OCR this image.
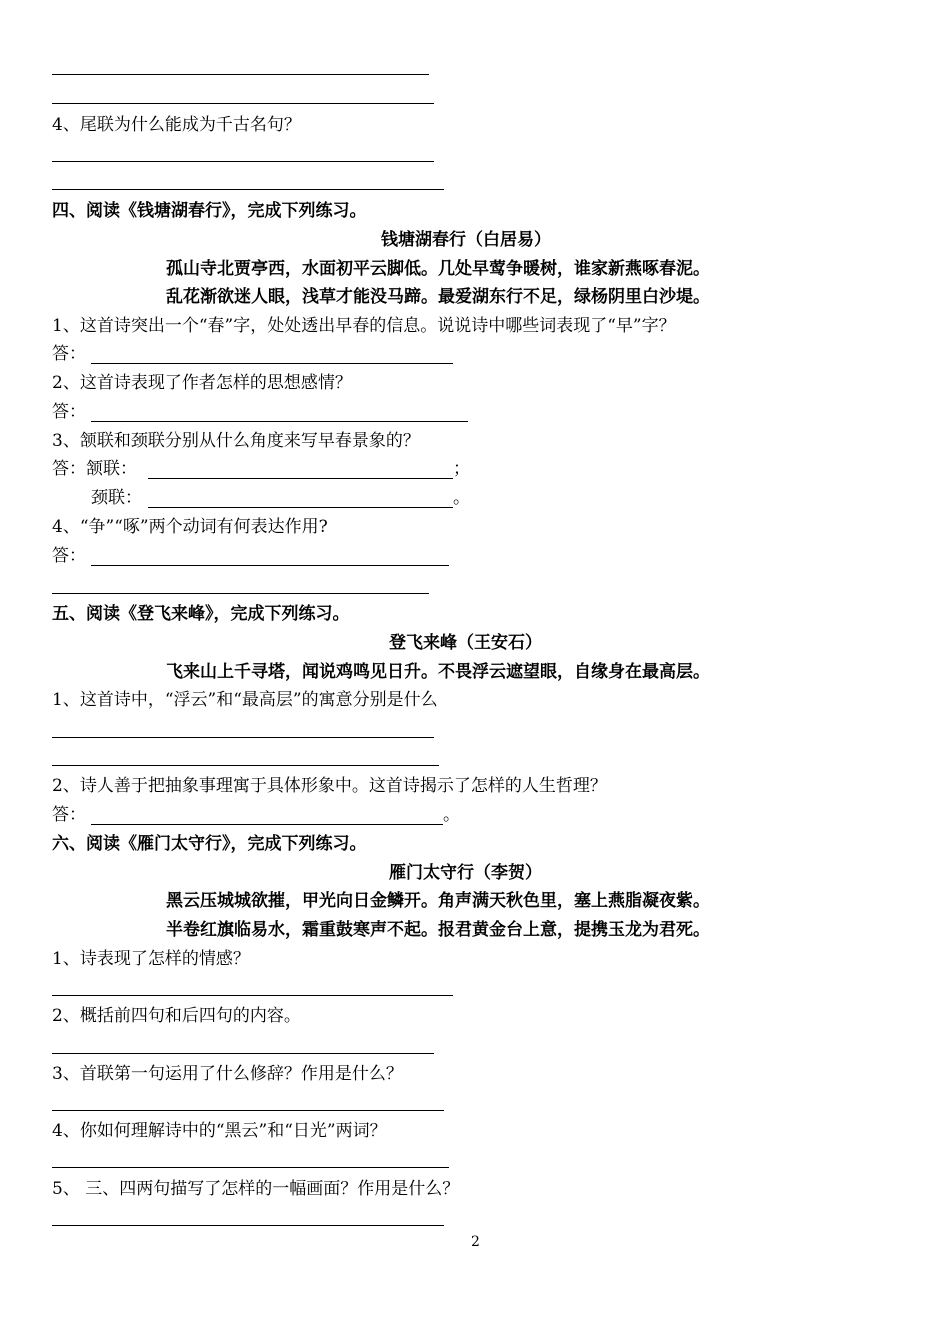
4、尾联为什么能成为千古名句？
四、阅读《钱塘湖春行》，完成下列练习。
钱塘湖春行（白居易）
孤山寺北贾亭西，水面初平云脚低。几处早莺争暖树，谁家新燕啄春泥。
乱花渐欲迷人眼，浅草才能没马蹄。最爱湖东行不足，绿杨阴里白沙堤。
1、这首诗突出一个“春”字，处处透出早春的信息。说说诗中哪些词表现了“早”字？
答：
2、这首诗表现了作者怎样的思想感情？
答：
3、颔联和颈联分别从什么角度来写早春景象的？
答：颔联：	；
颈联：	。
4、“争”“啄”两个动词有何表达作用?
答：
五、阅读《登飞来峰》，完成下列练习。
登飞来峰（王安石）
飞来山上千寻塔，闻说鸡鸣见日升。不畏浮云遮望眼，自缘身在最高层。
1、这首诗中，“浮云”和“最高层”的寓意分别是什么
2、诗人善于把抽象事理寓于具体形象中。这首诗揭示了怎样的人生哲理？
答：	。
六、阅读《雁门太守行》，完成下列练习。
雁门太守行（李贺）
黑云压城城欲摧，甲光向日金鳞开。角声满天秋色里，塞上燕脂凝夜紫。
半卷红旗临易水，霜重鼓寒声不起。报君黄金台上意，提携玉龙为君死。
1、诗表现了怎样的情感？
2、概括前四句和后四句的内容。
3、首联第一句运用了什么修辞？作用是什么？
4、你如何理解诗中的“黑云”和“日光”两词？
5、 三、四两句描写了怎样的一幅画面？作用是什么？
2
